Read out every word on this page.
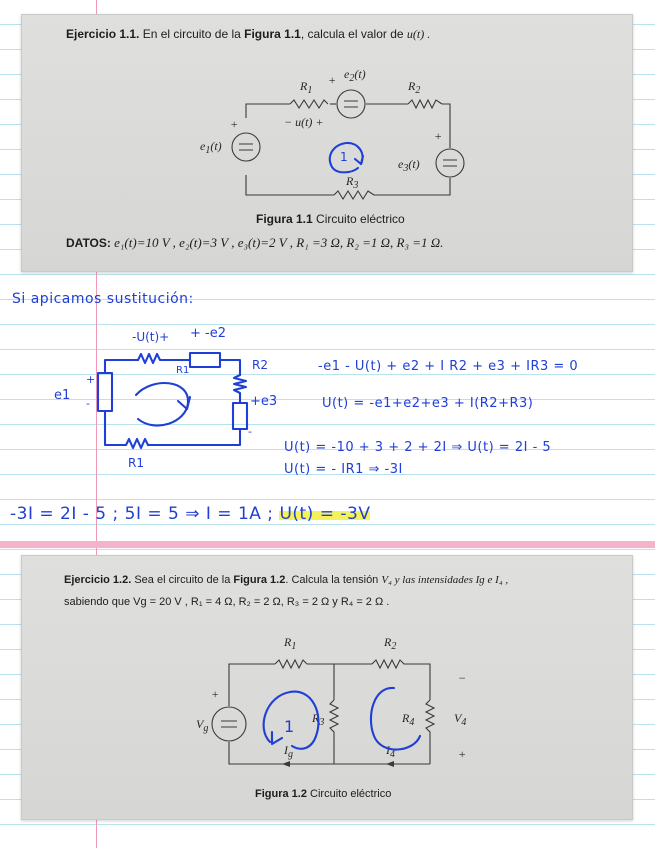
Ejercicio 1.1. En el circuito de la Figura 1.1, calcula el valor de u(t) .
$R_1$	$R_2$
$R_3$
$e_2(t)$
+
$e_1(t)$
+
$e_3(t)$
+
− u(t) +
1
Figura 1.1 Circuito eléctrico
DATOS: e₁(t)=10 V , e₂(t)=3 V , e₃(t)=2 V , R₁ =3 Ω, R₂ =1 Ω, R₃ =1 Ω.
Si apicamos sustitución:
-U(t)+ + -e2
R1	R2
+e3
e1
+
-
-
R1
-e1 - U(t) + e2 + I R2 + e3 + IR3 = 0
U(t) = -e1+e2+e3 + I(R2+R3)
U(t) = -10 + 3 + 2 + 2I ⇒ U(t) = 2I - 5
U(t) = - IR1 ⇒ -3I
-3I = 2I - 5 ; 5I = 5 ⇒ I = 1A ; U(t) = -3V
Ejercicio 1.2. Sea el circuito de la Figura 1.2. Calcula la tensión V₄ y las intensidades Iɡ e I₄ ,
sabiendo que Vɡ = 20 V , R₁ = 4 Ω, R₂ = 2 Ω, R₃ = 2 Ω y R₄ = 2 Ω .
$R_1$	$R_2$
$R_3$	$R_4$
$V_g$
+
$V_4$
−
+
$I_g$	$I_4$
1
Figura 1.2 Circuito eléctrico
